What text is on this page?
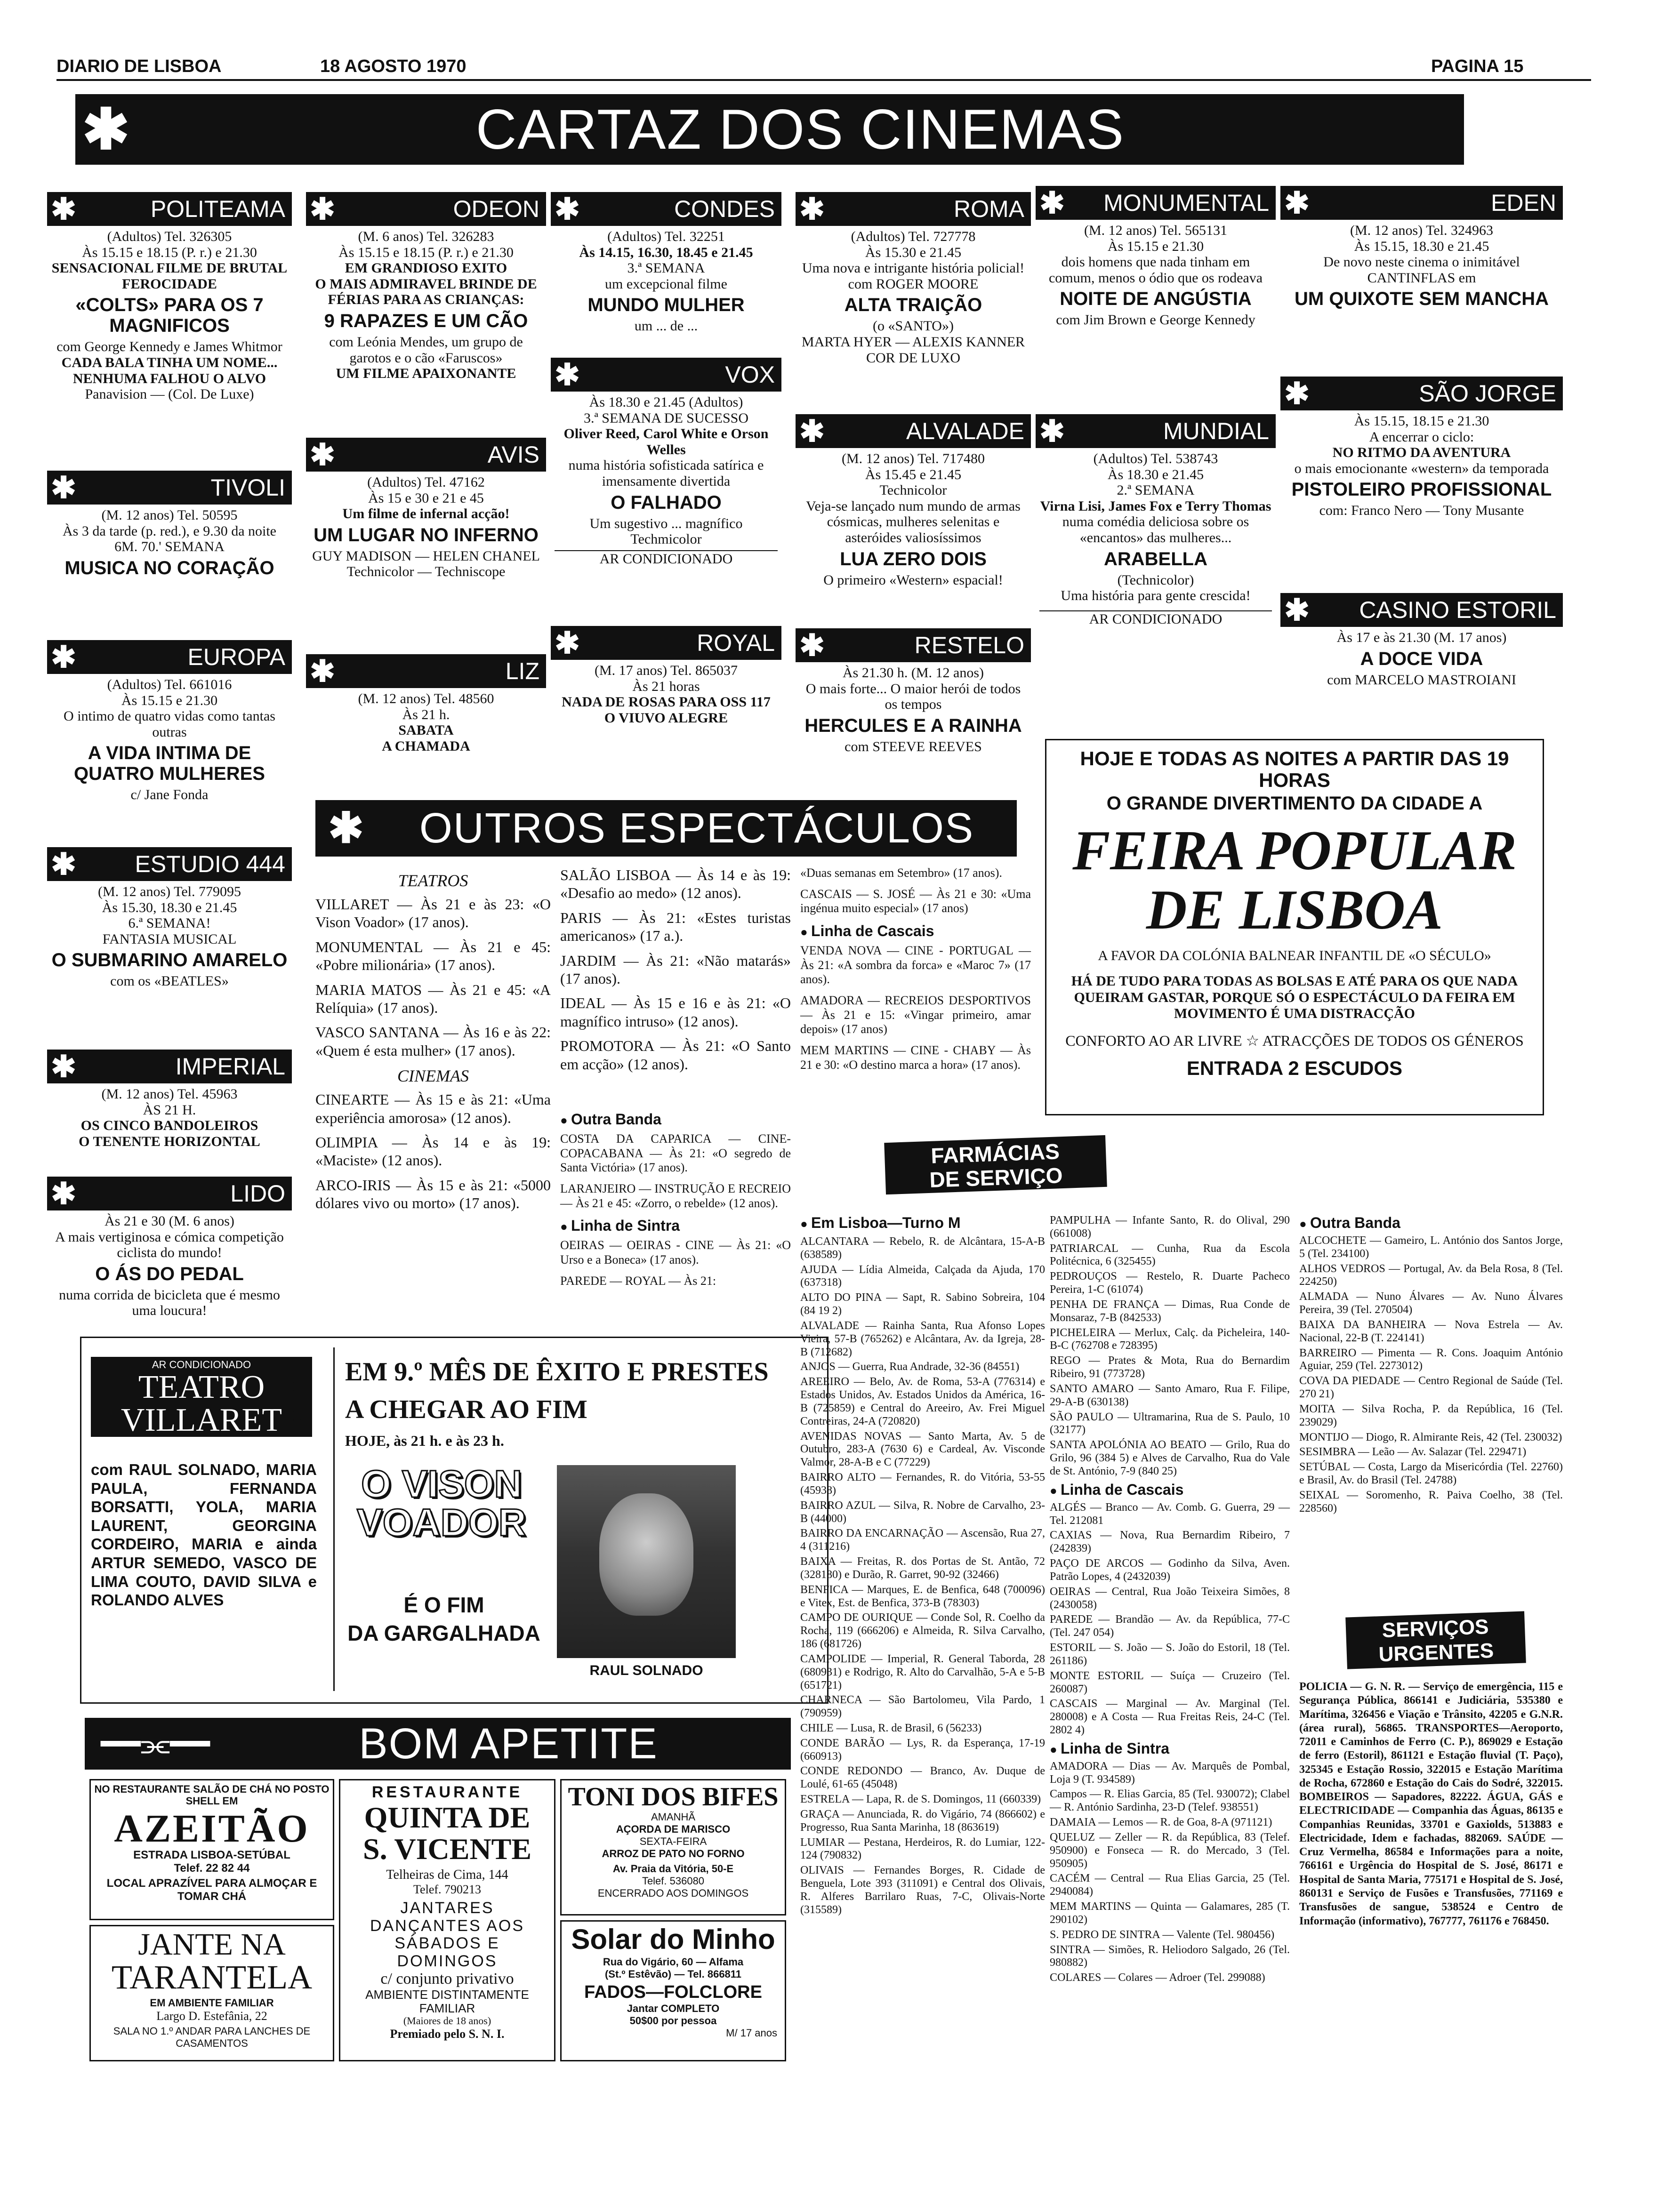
DIARIO DE LISBOA	18 AGOSTO 1970	PAGINA 15
✱	CARTAZ DOS CINEMAS
✱	POLITEAMA
(Adultos) Tel. 326305
Às 15.15 e 18.15 (P. r.) e 21.30
SENSACIONAL FILME DE BRUTAL FEROCIDADE
«COLTS» PARA OS 7 MAGNIFICOS
com George Kennedy e James Whitmor
CADA BALA TINHA UM NOME...
NENHUMA FALHOU O ALVO
Panavision — (Col. De Luxe)
✱	TIVOLI
(M. 12 anos) Tel. 50595
Às 3 da tarde (p. red.), e 9.30 da noite
6M. 70.' SEMANA
MUSICA NO CORAÇÃO
✱	EUROPA
(Adultos) Tel. 661016
Às 15.15 e 21.30
O intimo de quatro vidas como tantas outras
A VIDA INTIMA DE QUATRO MULHERES
c/ Jane Fonda
✱	ESTUDIO 444
(M. 12 anos) Tel. 779095
Às 15.30, 18.30 e 21.45
6.ª SEMANA!
FANTASIA MUSICAL
O SUBMARINO AMARELO
com os «BEATLES»
✱	IMPERIAL
(M. 12 anos) Tel. 45963
ÀS 21 H.
OS CINCO BANDOLEIROS
O TENENTE HORIZONTAL
✱	LIDO
Às 21 e 30 (M. 6 anos)
A mais vertiginosa e cómica competição ciclista do mundo!
O ÁS DO PEDAL
numa corrida de bicicleta que é mesmo uma loucura!
✱	ODEON
(M. 6 anos) Tel. 326283
Às 15.15 e 18.15 (P. r.) e 21.30
EM GRANDIOSO EXITO
O MAIS ADMIRAVEL BRINDE DE FÉRIAS PARA AS CRIANÇAS:
9 RAPAZES E UM CÃO
com Leónia Mendes, um grupo de garotos e o cão «Faruscos»
UM FILME APAIXONANTE
✱	AVIS
(Adultos) Tel. 47162
Às 15 e 30 e 21 e 45
Um filme de infernal acção!
UM LUGAR NO INFERNO
GUY MADISON — HELEN CHANEL
Technicolor — Techniscope
✱	LIZ
(M. 12 anos) Tel. 48560
Às 21 h.
SABATA
A CHAMADA
✱	CONDES
(Adultos) Tel. 32251
Às 14.15, 16.30, 18.45 e 21.45
3.ª SEMANA
um excepcional filme
MUNDO MULHER
um ... de ...
✱	VOX
Às 18.30 e 21.45 (Adultos)
3.ª SEMANA DE SUCESSO
Oliver Reed, Carol White e Orson Welles
numa história sofisticada satírica e imensamente divertida
O FALHADO
Um sugestivo ... magnífico
Techmicolor
AR CONDICIONADO
✱	ROYAL
(M. 17 anos) Tel. 865037
Às 21 horas
NADA DE ROSAS PARA OSS 117
O VIUVO ALEGRE
✱	ROMA
(Adultos) Tel. 727778
Às 15.30 e 21.45
Uma nova e intrigante história policial!
com ROGER MOORE
ALTA TRAIÇÃO
(o «SANTO»)
MARTA HYER — ALEXIS KANNER
COR DE LUXO
✱	ALVALADE
(M. 12 anos) Tel. 717480
Às 15.45 e 21.45
Technicolor
Veja-se lançado num mundo de armas cósmicas, mulheres selenitas e asteróides valiosíssimos
LUA ZERO DOIS
O primeiro «Western» espacial!
✱	RESTELO
Às 21.30 h. (M. 12 anos)
O mais forte... O maior herói de todos os tempos
HERCULES E A RAINHA
com STEEVE REEVES
✱	MONUMENTAL
(M. 12 anos) Tel. 565131
Às 15.15 e 21.30
dois homens que nada tinham em comum, menos o ódio que os rodeava
NOITE DE ANGÚSTIA
com Jim Brown e George Kennedy
✱	MUNDIAL
(Adultos) Tel. 538743
Às 18.30 e 21.45
2.ª SEMANA
Virna Lisi, James Fox e Terry Thomas
numa comédia deliciosa sobre os «encantos» das mulheres...
ARABELLA
(Technicolor)
Uma história para gente crescida!
AR CONDICIONADO
✱	EDEN
(M. 12 anos) Tel. 324963
Às 15.15, 18.30 e 21.45
De novo neste cinema o inimitável CANTINFLAS em
UM QUIXOTE SEM MANCHA
✱	SÃO JORGE
Às 15.15, 18.15 e 21.30
A encerrar o ciclo:
NO RITMO DA AVENTURA
o mais emocionante «western» da temporada
PISTOLEIRO PROFISSIONAL
com: Franco Nero — Tony Musante
✱	CASINO ESTORIL
Às 17 e às 21.30 (M. 17 anos)
A DOCE VIDA
com MARCELO MASTROIANI
HOJE E TODAS AS NOITES A PARTIR DAS 19 HORAS
O GRANDE DIVERTIMENTO DA CIDADE A
FEIRA POPULAR
DE LISBOA
A FAVOR DA COLÓNIA BALNEAR INFANTIL DE «O SÉCULO»
HÁ DE TUDO PARA TODAS AS BOLSAS E ATÉ PARA OS QUE NADA QUEIRAM GASTAR, PORQUE SÓ O ESPECTÁCULO DA FEIRA EM MOVIMENTO É UMA DISTRACÇÃO
CONFORTO AO AR LIVRE ☆ ATRACÇÕES DE TODOS OS GÉNEROS
ENTRADA 2 ESCUDOS
✱	OUTROS ESPECTÁCULOS
TEATROS
VILLARET — Às 21 e às 23: «O Vison Voador» (17 anos).
MONUMENTAL — Às 21 e 45: «Pobre milionária» (17 anos).
MARIA MATOS — Às 21 e 45: «A Relíquia» (17 anos).
VASCO SANTANA — Às 16 e às 22: «Quem é esta mulher» (17 anos).
CINEMAS
CINEARTE — Às 15 e às 21: «Uma experiência amorosa» (12 anos).
OLIMPIA — Às 14 e às 19: «Maciste» (12 anos).
ARCO-IRIS — Às 15 e às 21: «5000 dólares vivo ou morto» (17 anos).
SALÃO LISBOA — Às 14 e às 19: «Desafio ao medo» (12 anos).
PARIS — Às 21: «Estes turistas americanos» (17 a.).
JARDIM — Às 21: «Não matarás» (17 anos).
IDEAL — Às 15 e 16 e às 21: «O magnífico intruso» (12 anos).
PROMOTORA — Às 21: «O Santo em acção» (12 anos).
«Duas semanas em Setembro» (17 anos).
CASCAIS — S. JOSÉ — Às 21 e 30: «Uma ingénua muito especial» (17 anos)
● Linha de Cascais
VENDA NOVA — CINE - PORTUGAL — Às 21: «A sombra da forca» e «Maroc 7» (17 anos).
AMADORA — RECREIOS DESPORTIVOS — Às 21 e 15: «Vingar primeiro, amar depois» (17 anos)
MEM MARTINS — CINE - CHABY — Às 21 e 30: «O destino marca a hora» (17 anos).
● Outra Banda
COSTA DA CAPARICA — CINE-COPACABANA — Às 21: «O segredo de Santa Victória» (17 anos).
LARANJEIRO — INSTRUÇÃO E RECREIO — Às 21 e 45: «Zorro, o rebelde» (12 anos).
● Linha de Sintra
OEIRAS — OEIRAS - CINE — Às 21: «O Urso e a Boneca» (17 anos).
PAREDE — ROYAL — Às 21:
AR CONDICIONADO
TEATRO
VILLARET (ADULTOS)
com RAUL SOLNADO, MARIA PAULA, FERNANDA BORSATTI, YOLA, MARIA LAURENT, GEORGINA CORDEIRO, MARIA e ainda ARTUR SEMEDO, VASCO DE LIMA COUTO, DAVID SILVA e ROLANDO ALVES
EM 9.º MÊS DE ÊXITO E PRESTES
A CHEGAR AO FIM
HOJE, às 21 h. e às 23 h.
O VISON
VOADOR
É O FIM
DA GARGALHADA
RAUL SOLNADO
FARMÁCIAS
DE SERVIÇO
● Em Lisboa—Turno M
ALCANTARA — Rebelo, R. de Alcântara, 15-A-B (638589)
AJUDA — Lídia Almeida, Calçada da Ajuda, 170 (637318)
ALTO DO PINA — Sapt, R. Sabino Sobreira, 104 (84 19 2)
ALVALADE — Rainha Santa, Rua Afonso Lopes Vieira, 57-B (765262) e Alcântara, Av. da Igreja, 28-B (712682)
ANJOS — Guerra, Rua Andrade, 32-36 (84551)
AREEIRO — Belo, Av. de Roma, 53-A (776314) e Estados Unidos, Av. Estados Unidos da América, 16-B (725859) e Central do Areeiro, Av. Frei Miguel Contreiras, 24-A (720820)
AVENIDAS NOVAS — Santo Marta, Av. 5 de Outubro, 283-A (7630 6) e Cardeal, Av. Visconde Valmor, 28-A-B e C (77229)
BAIRRO ALTO — Fernandes, R. do Vitória, 53-55 (45938)
BAIRRO AZUL — Silva, R. Nobre de Carvalho, 23-B (44000)
BAIRRO DA ENCARNAÇÃO — Ascensão, Rua 27, 4 (311216)
BAIXA — Freitas, R. dos Portas de St. Antão, 72 (328180) e Durão, R. Garret, 90-92 (32466)
BENFICA — Marques, E. de Benfica, 648 (700096) e Vitex, Est. de Benfica, 373-B (78303)
CAMPO DE OURIQUE — Conde Sol, R. Coelho da Rocha, 119 (666206) e Almeida, R. Silva Carvalho, 186 (681726)
CAMPOLIDE — Imperial, R. General Taborda, 28 (680931) e Rodrigo, R. Alto do Carvalhão, 5-A e 5-B (651721)
CHARNECA — São Bartolomeu, Vila Pardo, 1 (790959)
CHILE — Lusa, R. de Brasil, 6 (56233)
CONDE BARÃO — Lys, R. da Esperança, 17-19 (660913)
CONDE REDONDO — Branco, Av. Duque de Loulé, 61-65 (45048)
ESTRELA — Lapa, R. de S. Domingos, 11 (660339)
GRAÇA — Anunciada, R. do Vigário, 74 (866602) e Progresso, Rua Santa Marinha, 18 (863619)
LUMIAR — Pestana, Herdeiros, R. do Lumiar, 122-124 (790832)
OLIVAIS — Fernandes Borges, R. Cidade de Benguela, Lote 393 (311091) e Central dos Olivais, R. Alferes Barrilaro Ruas, 7-C, Olivais-Norte (315589)
PAMPULHA — Infante Santo, R. do Olival, 290 (661008)
PATRIARCAL — Cunha, Rua da Escola Politécnica, 6 (325455)
PEDROUÇOS — Restelo, R. Duarte Pacheco Pereira, 1-C (61074)
PENHA DE FRANÇA — Dimas, Rua Conde de Monsaraz, 7-B (842533)
PICHELEIRA — Merlux, Calç. da Picheleira, 140-B-C (762708 e 728395)
REGO — Prates & Mota, Rua do Bernardim Ribeiro, 91 (773728)
SANTO AMARO — Santo Amaro, Rua F. Filipe, 29-A-B (630138)
SÃO PAULO — Ultramarina, Rua de S. Paulo, 10 (32177)
SANTA APOLÓNIA AO BEATO — Grilo, Rua do Grilo, 96 (384 5) e Alves de Carvalho, Rua do Vale de St. António, 7-9 (840 25)
● Linha de Cascais
ALGÉS — Branco — Av. Comb. G. Guerra, 29 — Tel. 212081
CAXIAS — Nova, Rua Bernardim Ribeiro, 7 (242839)
PAÇO DE ARCOS — Godinho da Silva, Aven. Patrão Lopes, 4 (2432039)
OEIRAS — Central, Rua João Teixeira Simões, 8 (2430058)
PAREDE — Brandão — Av. da República, 77-C (Tel. 247 054)
ESTORIL — S. João — S. João do Estoril, 18 (Tel. 261186)
MONTE ESTORIL — Suíça — Cruzeiro (Tel. 260087)
CASCAIS — Marginal — Av. Marginal (Tel. 280008) e A Costa — Rua Freitas Reis, 24-C (Tel. 2802 4)
● Linha de Sintra
AMADORA — Dias — Av. Marquês de Pombal, Loja 9 (T. 934589)
Campos — R. Elias Garcia, 85 (Tel. 930072); Clabel — R. António Sardinha, 23-D (Telef. 938551)
DAMAIA — Lemos — R. de Goa, 8-A (971121)
QUELUZ — Zeller — R. da República, 83 (Telef. 950900) e Fonseca — R. do Mercado, 3 (Tel. 950905)
CACÉM — Central — Rua Elias Garcia, 25 (Tel. 2940084)
MEM MARTINS — Quinta — Galamares, 285 (T. 290102)
S. PEDRO DE SINTRA — Valente (Tel. 980456)
SINTRA — Simões, R. Heliodoro Salgado, 26 (Tel. 980882)
COLARES — Colares — Adroer (Tel. 299088)
● Outra Banda
ALCOCHETE — Gameiro, L. António dos Santos Jorge, 5 (Tel. 234100)
ALHOS VEDROS — Portugal, Av. da Bela Rosa, 8 (Tel. 224250)
ALMADA — Nuno Álvares — Av. Nuno Álvares Pereira, 39 (Tel. 270504)
BAIXA DA BANHEIRA — Nova Estrela — Av. Nacional, 22-B (T. 224141)
BARREIRO — Pimenta — R. Cons. Joaquim António Aguiar, 259 (Tel. 2273012)
COVA DA PIEDADE — Centro Regional de Saúde (Tel. 270 21)
MOITA — Silva Rocha, P. da República, 16 (Tel. 239029)
MONTIJO — Diogo, R. Almirante Reis, 42 (Tel. 230032)
SESIMBRA — Leão — Av. Salazar (Tel. 229471)
SETÚBAL — Costa, Largo da Misericórdia (Tel. 22760) e Brasil, Av. do Brasil (Tel. 24788)
SEIXAL — Soromenho, R. Paiva Coelho, 38 (Tel. 228560)
SERVIÇOS
URGENTES
POLICIA — G. N. R. — Serviço de emergência, 115 e Segurança Pública, 866141 e Judiciária, 535380 e Marítima, 326456 e Viação e Trânsito, 42205 e G.N.R. (área rural), 56865. TRANSPORTES—Aeroporto, 72011 e Caminhos de Ferro (C. P.), 869029 e Estação de ferro (Estoril), 861121 e Estação fluvial (T. Paço), 325345 e Estação Rossio, 322015 e Estação Marítima de Rocha, 672860 e Estação do Cais do Sodré, 322015. BOMBEIROS — Sapadores, 82222. ÁGUA, GÁS e ELECTRICIDADE — Companhia das Águas, 86135 e Companhias Reunidas, 33701 e Gaxiolds, 513883 e Electricidade, Idem e fachadas, 882069. SAÚDE — Cruz Vermelha, 86584 e Informações para a noite, 766161 e Urgência do Hospital de S. José, 86171 e Hospital de Santa Maria, 775171 e Hospital de S. José, 860131 e Serviço de Fusões e Transfusões, 771169 e Transfusões de sangue, 538524 e Centro de Informação (informativo), 767777, 761176 e 768450.
━━⫘━━	BOM APETITE
NO RESTAURANTE SALÃO DE CHÁ NO POSTO SHELL EM
AZEITÃO
ESTRADA LISBOA-SETÚBAL
Telef. 22 82 44
LOCAL APRAZÍVEL PARA ALMOÇAR E TOMAR CHÁ
JANTE NA
TARANTELA
EM AMBIENTE FAMILIAR
Largo D. Estefânia, 22
SALA NO 1.º ANDAR PARA LANCHES DE CASAMENTOS
RESTAURANTE
QUINTA DE
S. VICENTE
Telheiras de Cima, 144
Telef. 790213
JANTARES DANÇANTES AOS SÁBADOS E DOMINGOS
c/ conjunto privativo
AMBIENTE DISTINTAMENTE FAMILIAR
(Maiores de 18 anos)
Premiado pelo S. N. I.
TONI DOS BIFES
AMANHÃ
AÇORDA DE MARISCO
SEXTA-FEIRA
ARROZ DE PATO NO FORNO
Av. Praia da Vitória, 50-E
Telef. 536080
ENCERRADO AOS DOMINGOS
Solar do Minho
Rua do Vigário, 60 — Alfama
(St.º Estêvão) — Tel. 866811
FADOS—FOLCLORE
Jantar COMPLETO
50$00 por pessoa
M/ 17 anos
